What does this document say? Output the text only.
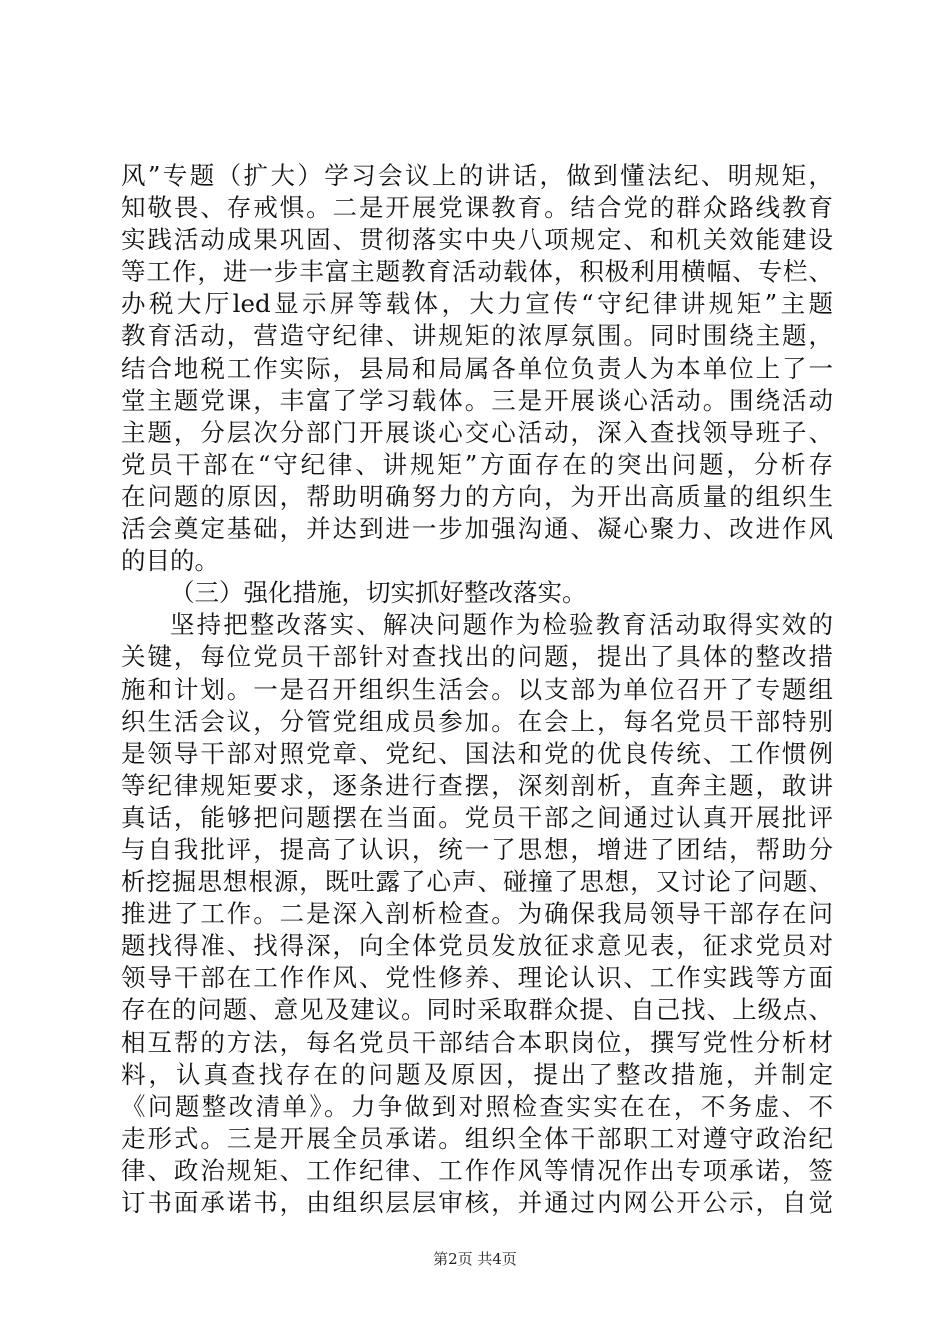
风”专题（扩大）学习会议上的讲话，做到懂法纪、明规矩，
知敬畏、存戒惧。二是开展党课教育。结合党的群众路线教育
实践活动成果巩固、贯彻落实中央八项规定、和机关效能建设
等工作，进一步丰富主题教育活动载体，积极利用横幅、专栏、
办税大厅led显示屏等载体，大力宣传“守纪律讲规矩”主题
教育活动，营造守纪律、讲规矩的浓厚氛围。同时围绕主题，
结合地税工作实际，县局和局属各单位负责人为本单位上了一
堂主题党课，丰富了学习载体。三是开展谈心活动。围绕活动
主题，分层次分部门开展谈心交心活动，深入查找领导班子、
党员干部在“守纪律、讲规矩”方面存在的突出问题，分析存
在问题的原因，帮助明确努力的方向，为开出高质量的组织生
活会奠定基础，并达到进一步加强沟通、凝心聚力、改进作风
的目的。
（三）强化措施，切实抓好整改落实。
坚持把整改落实、解决问题作为检验教育活动取得实效的
关键，每位党员干部针对查找出的问题，提出了具体的整改措
施和计划。一是召开组织生活会。以支部为单位召开了专题组
织生活会议，分管党组成员参加。在会上，每名党员干部特别
是领导干部对照党章、党纪、国法和党的优良传统、工作惯例
等纪律规矩要求，逐条进行查摆，深刻剖析，直奔主题，敢讲
真话，能够把问题摆在当面。党员干部之间通过认真开展批评
与自我批评，提高了认识，统一了思想，增进了团结，帮助分
析挖掘思想根源，既吐露了心声、碰撞了思想，又讨论了问题、
推进了工作。二是深入剖析检查。为确保我局领导干部存在问
题找得准、找得深，向全体党员发放征求意见表，征求党员对
领导干部在工作作风、党性修养、理论认识、工作实践等方面
存在的问题、意见及建议。同时采取群众提、自己找、上级点、
相互帮的方法，每名党员干部结合本职岗位，撰写党性分析材
料，认真查找存在的问题及原因，提出了整改措施，并制定
《问题整改清单》。力争做到对照检查实实在在，不务虚、不
走形式。三是开展全员承诺。组织全体干部职工对遵守政治纪
律、政治规矩、工作纪律、工作作风等情况作出专项承诺，签
订书面承诺书，由组织层层审核，并通过内网公开公示，自觉
第2页 共4页
